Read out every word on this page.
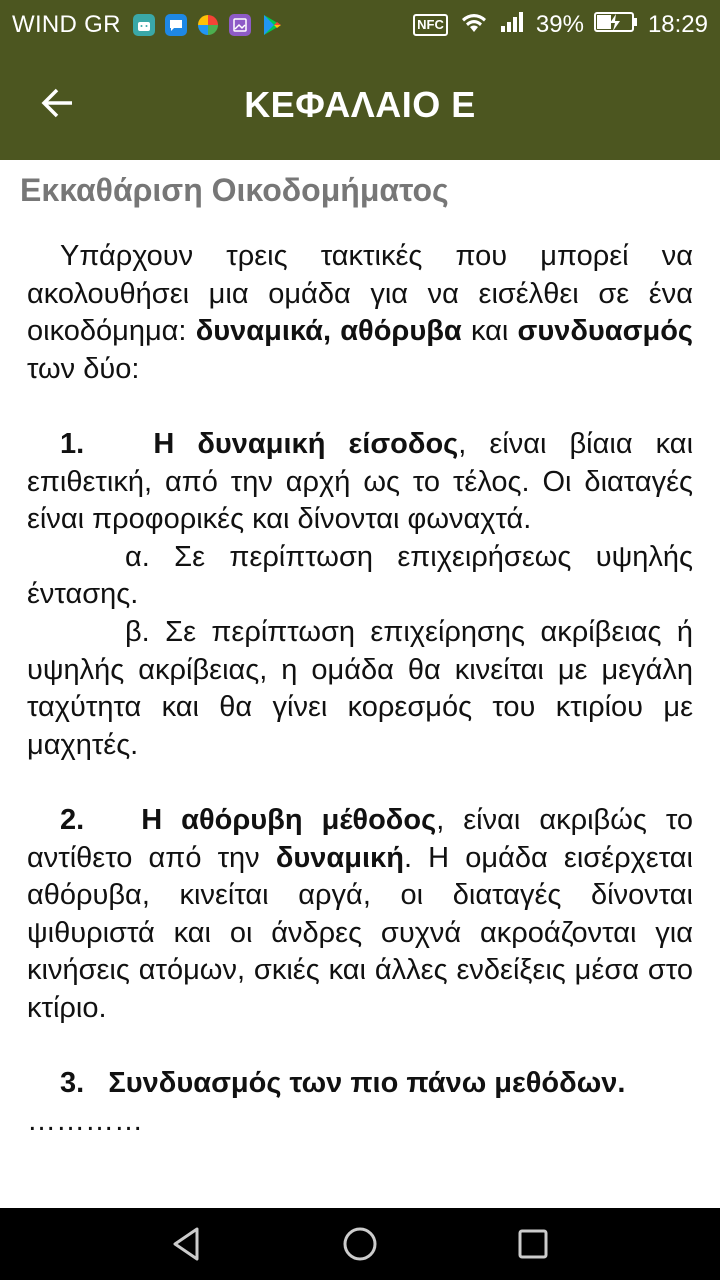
WIND GR	NFC	39%	18:29
ΚΕΦΑΛΑΙΟ Ε
Εκκαθάριση Οικοδομήματος

Υπάρχουν τρεις τακτικές που μπορεί να ακολουθήσει μια ομάδα για να εισέλθει σε ένα οικοδόμημα: δυναμικά, αθόρυβα και συνδυασμός των δύο:

1. Η δυναμική είσοδος, είναι βίαια και επιθετική, από την αρχή ως το τέλος. Οι διαταγές είναι προφορικές και δίνονται φωναχτά.

α. Σε περίπτωση επιχειρήσεως υψηλής έντασης.

β. Σε περίπτωση επιχείρησης ακρίβειας ή υψηλής ακρίβειας, η ομάδα θα κινείται με μεγάλη ταχύτητα και θα γίνει κορεσμός του κτιρίου με μαχητές.

2. Η αθόρυβη μέθοδος, είναι ακριβώς το αντίθετο από την δυναμική. Η ομάδα εισέρχεται αθόρυβα, κινείται αργά, οι διαταγές δίνονται ψιθυριστά και οι άνδρες συχνά ακροάζονται για κινήσεις ατόμων, σκιές και άλλες ενδείξεις μέσα στο κτίριο.

3. Συνδυασμός των πιο πάνω μεθόδων.

…………
